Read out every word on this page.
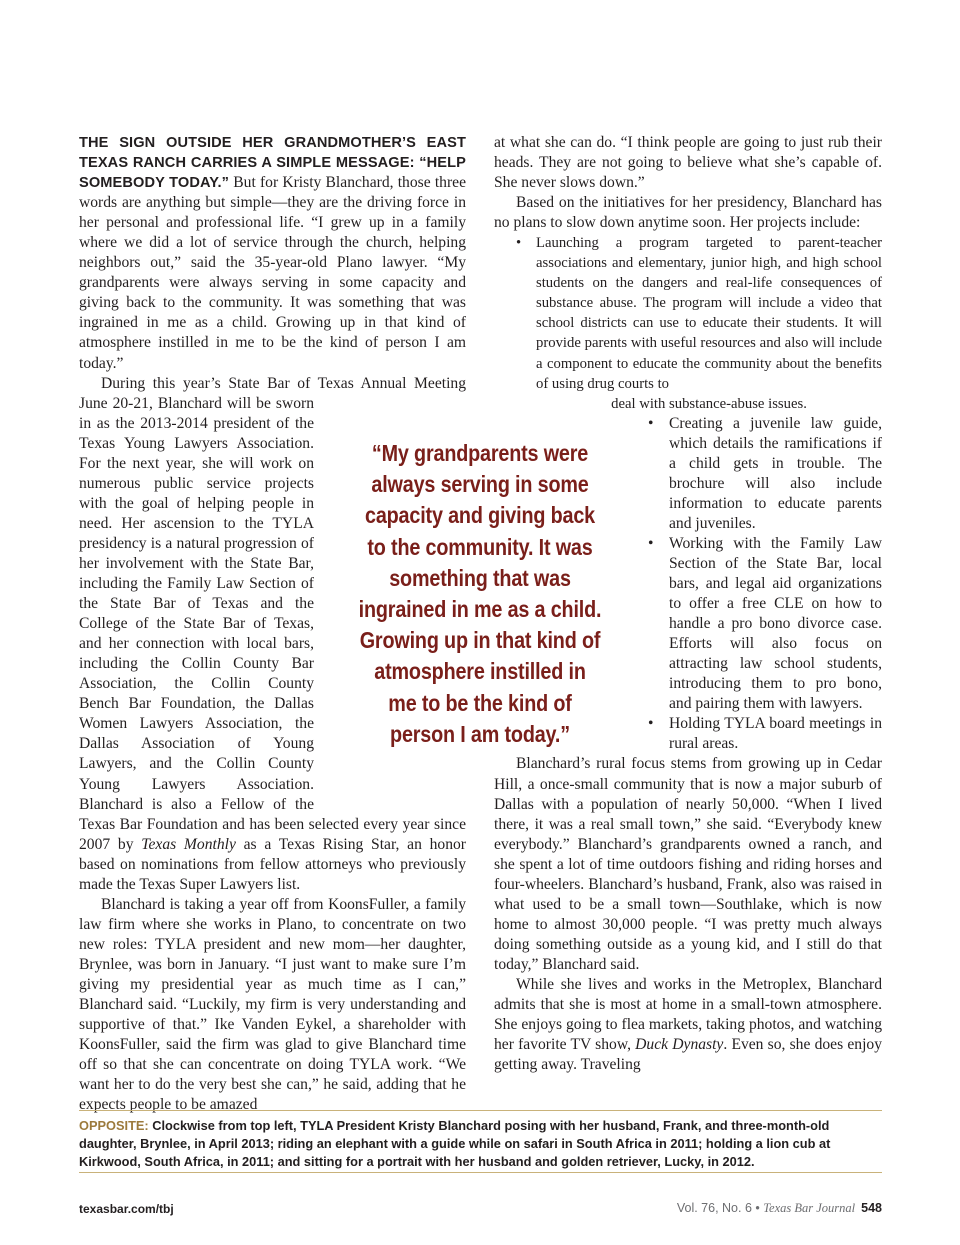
THE SIGN OUTSIDE HER GRANDMOTHER’S EAST TEXAS RANCH CARRIES A SIMPLE MESSAGE: “HELP SOMEBODY TODAY.” But for Kristy Blanchard, those three words are anything but simple—they are the driving force in her personal and professional life. “I grew up in a family where we did a lot of service through the church, helping neighbors out,” said the 35-year-old Plano lawyer. “My grandparents were always serving in some capacity and giving back to the community. It was something that was ingrained in me as a child. Growing up in that kind of atmosphere instilled in me to be the kind of person I am today.”

During this year’s State Bar of Texas Annual Meeting June 20-21, Blanchard will be sworn in as the 2013-2014 president of the Texas Young Lawyers Association. For the next year, she will work on numerous public service projects with the goal of helping people in need. Her ascension to the TYLA presidency is a natural progression of her involvement with the State Bar, including the Family Law Section of the State Bar of Texas and the College of the State Bar of Texas, and her connection with local bars, including the Collin County Bar Association, the Collin County Bench Bar Foundation, the Dallas Women Lawyers Association, the Dallas Association of Young Lawyers, and the Collin County Young Lawyers Association. Blanchard is also a Fellow of the Texas Bar Foundation and has been selected every year since 2007 by Texas Monthly as a Texas Rising Star, an honor based on nominations from fellow attorneys who previously made the Texas Super Lawyers list.

Blanchard is taking a year off from KoonsFuller, a family law firm where she works in Plano, to concentrate on two new roles: TYLA president and new mom—her daughter, Brynlee, was born in January. “I just want to make sure I’m giving my presidential year as much time as I can,” Blanchard said. “Luckily, my firm is very understanding and supportive of that.” Ike Vanden Eykel, a shareholder with KoonsFuller, said the firm was glad to give Blanchard time off so that she can concentrate on doing TYLA work. “We want her to do the very best she can,” he said, adding that he expects people to be amazed

at what she can do. “I think people are going to just rub their heads. They are not going to believe what she’s capable of. She never slows down.”

Based on the initiatives for her presidency, Blanchard has no plans to slow down anytime soon. Her projects include:

• Launching a program targeted to parent-teacher associations and elementary, junior high, and high school students on the dangers and real-life consequences of substance abuse. The program will include a video that school districts can use to educate their students. It will provide parents with useful resources and also will include a component to educate the community about the benefits of using drug courts to
deal with substance-abuse issues.
• Creating a juvenile law guide, which details the ramifications if a child gets in trouble. The brochure will also include information to educate parents and juveniles.
• Working with the Family Law Section of the State Bar, local bars, and legal aid organizations to offer a free CLE on how to handle a pro bono divorce case. Efforts will also focus on attracting law school students, introducing them to pro bono, and pairing them with lawyers.
• Holding TYLA board meetings in rural areas.

Blanchard’s rural focus stems from growing up in Cedar Hill, a once-small community that is now a major suburb of Dallas with a population of nearly 50,000. “When I lived there, it was a real small town,” she said. “Everybody knew everybody.” Blanchard’s grandparents owned a ranch, and she spent a lot of time outdoors fishing and riding horses and four-wheelers. Blanchard’s husband, Frank, also was raised in what used to be a small town—Southlake, which is now home to almost 30,000 people. “I was pretty much always doing something outside as a young kid, and I still do that today,” Blanchard said.

While she lives and works in the Metroplex, Blanchard admits that she is most at home in a small-town atmosphere. She enjoys going to flea markets, taking photos, and watching her favorite TV show, Duck Dynasty. Even so, she does enjoy getting away. Traveling

“My grandparents were always serving in some capacity and giving back to the community. It was something that was ingrained in me as a child. Growing up in that kind of atmosphere instilled in me to be the kind of person I am today.”
OPPOSITE: Clockwise from top left, TYLA President Kristy Blanchard posing with her husband, Frank, and three-month-old daughter, Brynlee, in April 2013; riding an elephant with a guide while on safari in South Africa in 2011; holding a lion cub at Kirkwood, South Africa, in 2011; and sitting for a portrait with her husband and golden retriever, Lucky, in 2012.
texasbar.com/tbj	Vol. 76, No. 6 • Texas Bar Journal 548
